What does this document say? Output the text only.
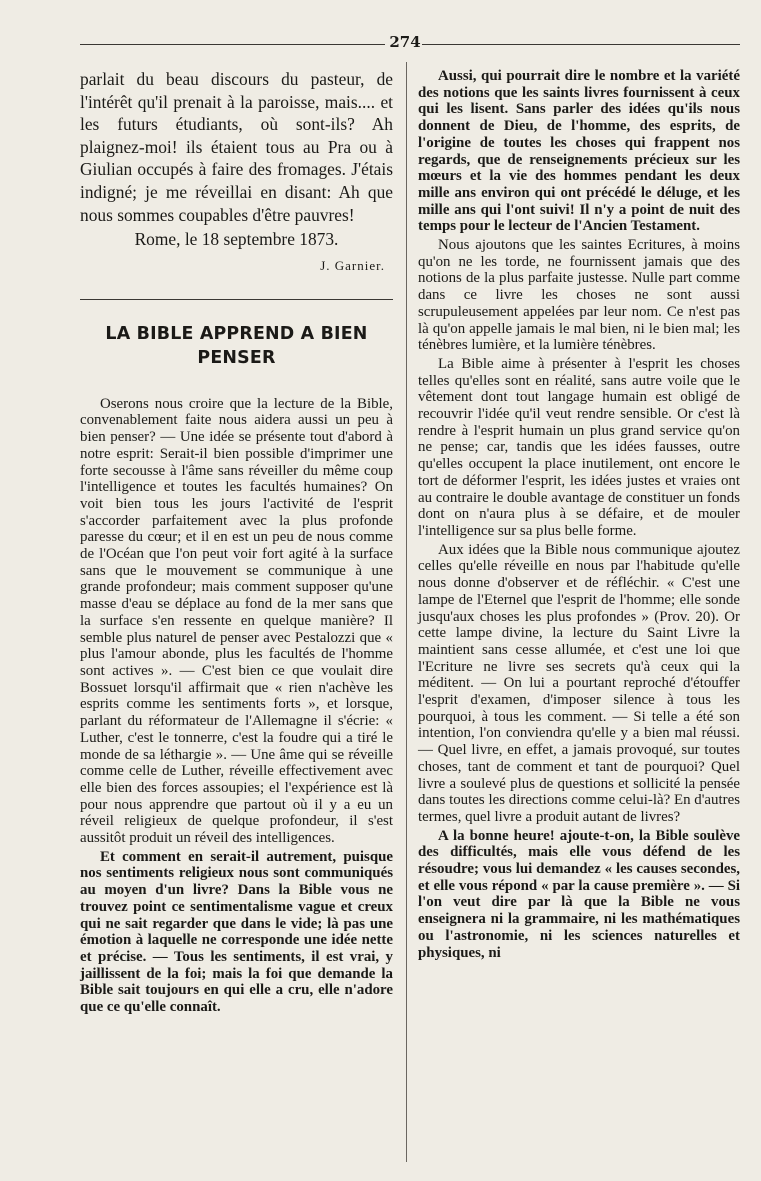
274

parlait du beau discours du pasteur, de l'intérêt qu'il prenait à la paroisse, mais.... et les futurs étudiants, où sont-ils? Ah plaignez-moi! ils étaient tous au Pra ou à Giulian occupés à faire des fromages. J'étais indigné; je me réveillai en disant: Ah que nous sommes coupables d'être pauvres!

Rome, le 18 septembre 1873.

J. Garnier.

LA BIBLE APPREND A BIEN PENSER

Oserons nous croire que la lecture de la Bible, convenablement faite nous aidera aussi un peu à bien penser? — Une idée se présente tout d'abord à notre esprit: Serait-il bien possible d'imprimer une forte secousse à l'âme sans réveiller du même coup l'intelligence et toutes les facultés humaines? On voit bien tous les jours l'activité de l'esprit s'accorder parfaitement avec la plus profonde paresse du cœur; et il en est un peu de nous comme de l'Océan que l'on peut voir fort agité à la surface sans que le mouvement se communique à une grande profondeur; mais comment supposer qu'une masse d'eau se déplace au fond de la mer sans que la surface s'en ressente en quelque manière? Il semble plus naturel de penser avec Pestalozzi que « plus l'amour abonde, plus les facultés de l'homme sont actives ». — C'est bien ce que voulait dire Bossuet lorsqu'il affirmait que « rien n'achève les esprits comme les sentiments forts », et lorsque, parlant du réformateur de l'Allemagne il s'écrie: « Luther, c'est le tonnerre, c'est la foudre qui a tiré le monde de sa léthargie ». — Une âme qui se réveille comme celle de Luther, réveille effectivement avec elle bien des forces assoupies; el l'expérience est là pour nous apprendre que partout où il y a eu un réveil religieux de quelque profondeur, il s'est aussitôt produit un réveil des intelligences.

Et comment en serait-il autrement, puisque nos sentiments religieux nous sont communiqués au moyen d'un livre? Dans la Bible vous ne trouvez point ce sentimentalisme vague et creux qui ne sait regarder que dans le vide; là pas une émotion à laquelle ne corresponde une idée nette et précise. — Tous les sentiments, il est vrai, y jaillissent de la foi; mais la foi que demande la Bible sait toujours en qui elle a cru, elle n'adore que ce qu'elle connaît.

Aussi, qui pourrait dire le nombre et la variété des notions que les saints livres fournissent à ceux qui les lisent. Sans parler des idées qu'ils nous donnent de Dieu, de l'homme, des esprits, de l'origine de toutes les choses qui frappent nos regards, que de renseignements précieux sur les mœurs et la vie des hommes pendant les deux mille ans environ qui ont précédé le déluge, et les mille ans qui l'ont suivi! Il n'y a point de nuit des temps pour le lecteur de l'Ancien Testament.

Nous ajoutons que les saintes Ecritures, à moins qu'on ne les torde, ne fournissent jamais que des notions de la plus parfaite justesse. Nulle part comme dans ce livre les choses ne sont aussi scrupuleusement appelées par leur nom. Ce n'est pas là qu'on appelle jamais le mal bien, ni le bien mal; les ténèbres lumière, et la lumière ténèbres.

La Bible aime à présenter à l'esprit les choses telles qu'elles sont en réalité, sans autre voile que le vêtement dont tout langage humain est obligé de recouvrir l'idée qu'il veut rendre sensible. Or c'est là rendre à l'esprit humain un plus grand service qu'on ne pense; car, tandis que les idées fausses, outre qu'elles occupent la place inutilement, ont encore le tort de déformer l'esprit, les idées justes et vraies ont au contraire le double avantage de constituer un fonds dont on n'aura plus à se défaire, et de mouler l'intelligence sur sa plus belle forme.

Aux idées que la Bible nous communique ajoutez celles qu'elle réveille en nous par l'habitude qu'elle nous donne d'observer et de réfléchir. « C'est une lampe de l'Eternel que l'esprit de l'homme; elle sonde jusqu'aux choses les plus profondes » (Prov. 20). Or cette lampe divine, la lecture du Saint Livre la maintient sans cesse allumée, et c'est une loi que l'Ecriture ne livre ses secrets qu'à ceux qui la méditent. — On lui a pourtant reproché d'étouffer l'esprit d'examen, d'imposer silence à tous les pourquoi, à tous les comment. — Si telle a été son intention, l'on conviendra qu'elle y a bien mal réussi. — Quel livre, en effet, a jamais provoqué, sur toutes choses, tant de comment et tant de pourquoi? Quel livre a soulevé plus de questions et sollicité la pensée dans toutes les directions comme celui-là? En d'autres termes, quel livre a produit autant de livres?

A la bonne heure! ajoute-t-on, la Bible soulève des difficultés, mais elle vous défend de les résoudre; vous lui demandez « les causes secondes, et elle vous répond « par la cause première ». — Si l'on veut dire par là que la Bible ne vous enseignera ni la grammaire, ni les mathématiques ou l'astronomie, ni les sciences naturelles et physiques, ni
